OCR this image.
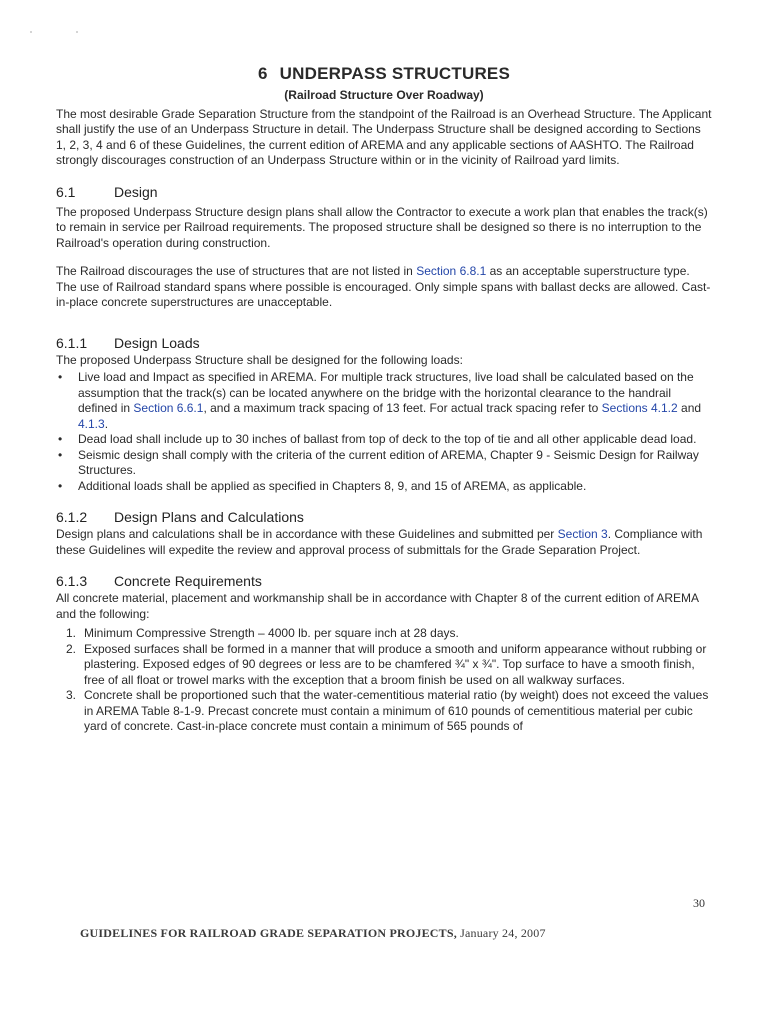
6 UNDERPASS STRUCTURES
(Railroad Structure Over Roadway)

The most desirable Grade Separation Structure from the standpoint of the Railroad is an Overhead Structure. The Applicant shall justify the use of an Underpass Structure in detail. The Underpass Structure shall be designed according to Sections 1, 2, 3, 4 and 6 of these Guidelines, the current edition of AREMA and any applicable sections of AASHTO. The Railroad strongly discourages construction of an Underpass Structure within or in the vicinity of Railroad yard limits.

6.1	Design

The proposed Underpass Structure design plans shall allow the Contractor to execute a work plan that enables the track(s) to remain in service per Railroad requirements. The proposed structure shall be designed so there is no interruption to the Railroad's operation during construction.

The Railroad discourages the use of structures that are not listed in Section 6.8.1 as an acceptable superstructure type. The use of Railroad standard spans where possible is encouraged. Only simple spans with ballast decks are allowed. Cast-in-place concrete superstructures are unacceptable.

6.1.1 Design Loads

The proposed Underpass Structure shall be designed for the following loads:

• Live load and Impact as specified in AREMA. For multiple track structures, live load shall be calculated based on the assumption that the track(s) can be located anywhere on the bridge with the horizontal clearance to the handrail defined in Section 6.6.1, and a maximum track spacing of 13 feet. For actual track spacing refer to Sections 4.1.2 and 4.1.3.
• Dead load shall include up to 30 inches of ballast from top of deck to the top of tie and all other applicable dead load.
• Seismic design shall comply with the criteria of the current edition of AREMA, Chapter 9 - Seismic Design for Railway Structures.
• Additional loads shall be applied as specified in Chapters 8, 9, and 15 of AREMA, as applicable.
6.1.2 Design Plans and Calculations

Design plans and calculations shall be in accordance with these Guidelines and submitted per Section 3. Compliance with these Guidelines will expedite the review and approval process of submittals for the Grade Separation Project.

6.1.3 Concrete Requirements

All concrete material, placement and workmanship shall be in accordance with Chapter 8 of the current edition of AREMA and the following:

1. Minimum Compressive Strength – 4000 lb. per square inch at 28 days.
2. Exposed surfaces shall be formed in a manner that will produce a smooth and uniform appearance without rubbing or plastering. Exposed edges of 90 degrees or less are to be chamfered ¾" x ¾". Top surface to have a smooth finish, free of all float or trowel marks with the exception that a broom finish be used on all walkway surfaces.
3. Concrete shall be proportioned such that the water-cementitious material ratio (by weight) does not exceed the values in AREMA Table 8-1-9. Precast concrete must contain a minimum of 610 pounds of cementitious material per cubic yard of concrete. Cast-in-place concrete must contain a minimum of 565 pounds of
30
GUIDELINES FOR RAILROAD GRADE SEPARATION PROJECTS, January 24, 2007
